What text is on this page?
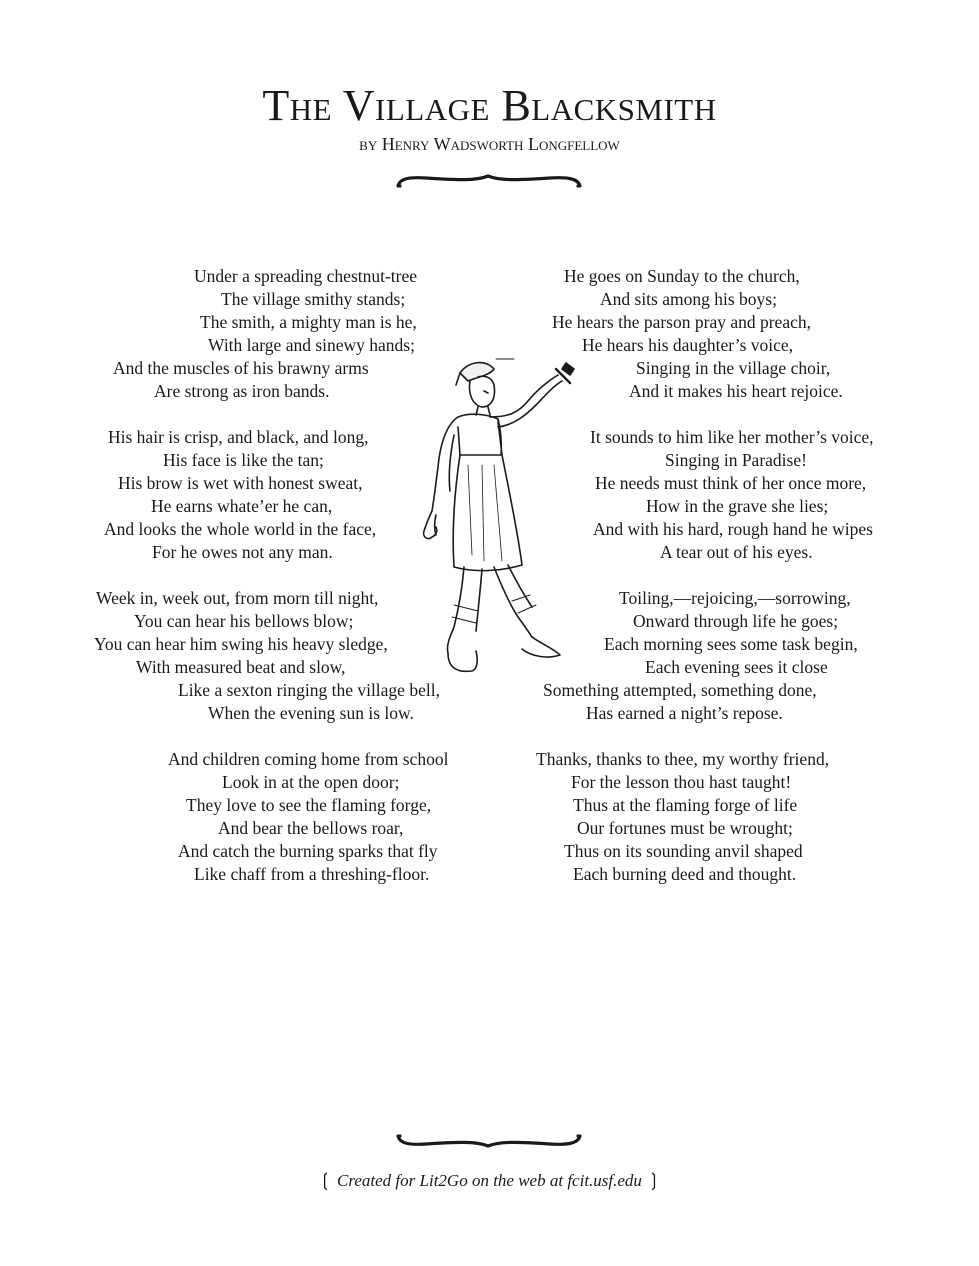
The Village Blacksmith
by Henry Wadsworth Longfellow
Under a spreading chestnut-tree
The village smithy stands;
The smith, a mighty man is he,
With large and sinewy hands;
And the muscles of his brawny arms
Are strong as iron bands.
His hair is crisp, and black, and long,
His face is like the tan;
His brow is wet with honest sweat,
He earns whate’er he can,
And looks the whole world in the face,
For he owes not any man.
Week in, week out, from morn till night,
You can hear his bellows blow;
You can hear him swing his heavy sledge,
With measured beat and slow,
Like a sexton ringing the village bell,
When the evening sun is low.
And children coming home from school
Look in at the open door;
They love to see the flaming forge,
And bear the bellows roar,
And catch the burning sparks that fly
Like chaff from a threshing-floor.
He goes on Sunday to the church,
And sits among his boys;
He hears the parson pray and preach,
He hears his daughter’s voice,
Singing in the village choir,
And it makes his heart rejoice.
It sounds to him like her mother’s voice,
Singing in Paradise!
He needs must think of her once more,
How in the grave she lies;
And with his hard, rough hand he wipes
A tear out of his eyes.
Toiling,—rejoicing,—sorrowing,
Onward through life he goes;
Each morning sees some task begin,
Each evening sees it close
Something attempted, something done,
Has earned a night’s repose.
Thanks, thanks to thee, my worthy friend,
For the lesson thou hast taught!
Thus at the flaming forge of life
Our fortunes must be wrought;
Thus on its sounding anvil shaped
Each burning deed and thought.
❲ Created for Lit2Go on the web at fcit.usf.edu ❳
